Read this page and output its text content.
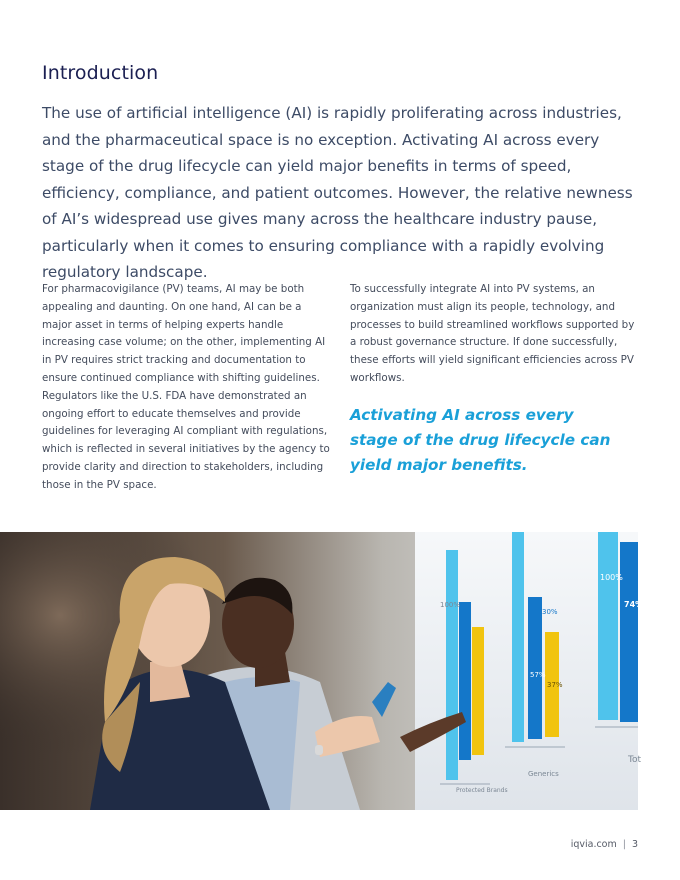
Introduction

The use of artificial intelligence (AI) is rapidly proliferating across industries, and the pharmaceutical space is no exception. Activating AI across every stage of the drug lifecycle can yield major benefits in terms of speed, efficiency, compliance, and patient outcomes. However, the relative newness of AI’s widespread use gives many across the healthcare industry pause, particularly when it comes to ensuring compliance with a rapidly evolving regulatory landscape.

For pharmacovigilance (PV) teams, AI may be both appealing and daunting. On one hand, AI can be a major asset in terms of helping experts handle increasing case volume; on the other, implementing AI in PV requires strict tracking and documentation to ensure continued compliance with shifting guidelines. Regulators like the U.S. FDA have demonstrated an ongoing effort to educate themselves and provide guidelines for leveraging AI compliant with regulations, which is reflected in several initiatives by the agency to provide clarity and direction to stakeholders, including those in the PV space.

To successfully integrate AI into PV systems, an organization must align its people, technology, and processes to build streamlined workflows supported by a robust governance structure. If done successfully, these efforts will yield significant efficiencies across PV workflows.

Activating AI across every stage of the drug lifecycle can yield major benefits.

100%
57%
30%
37%
100%
74%
Protected Brands
Generics
Tot
iqvia.com | 3
